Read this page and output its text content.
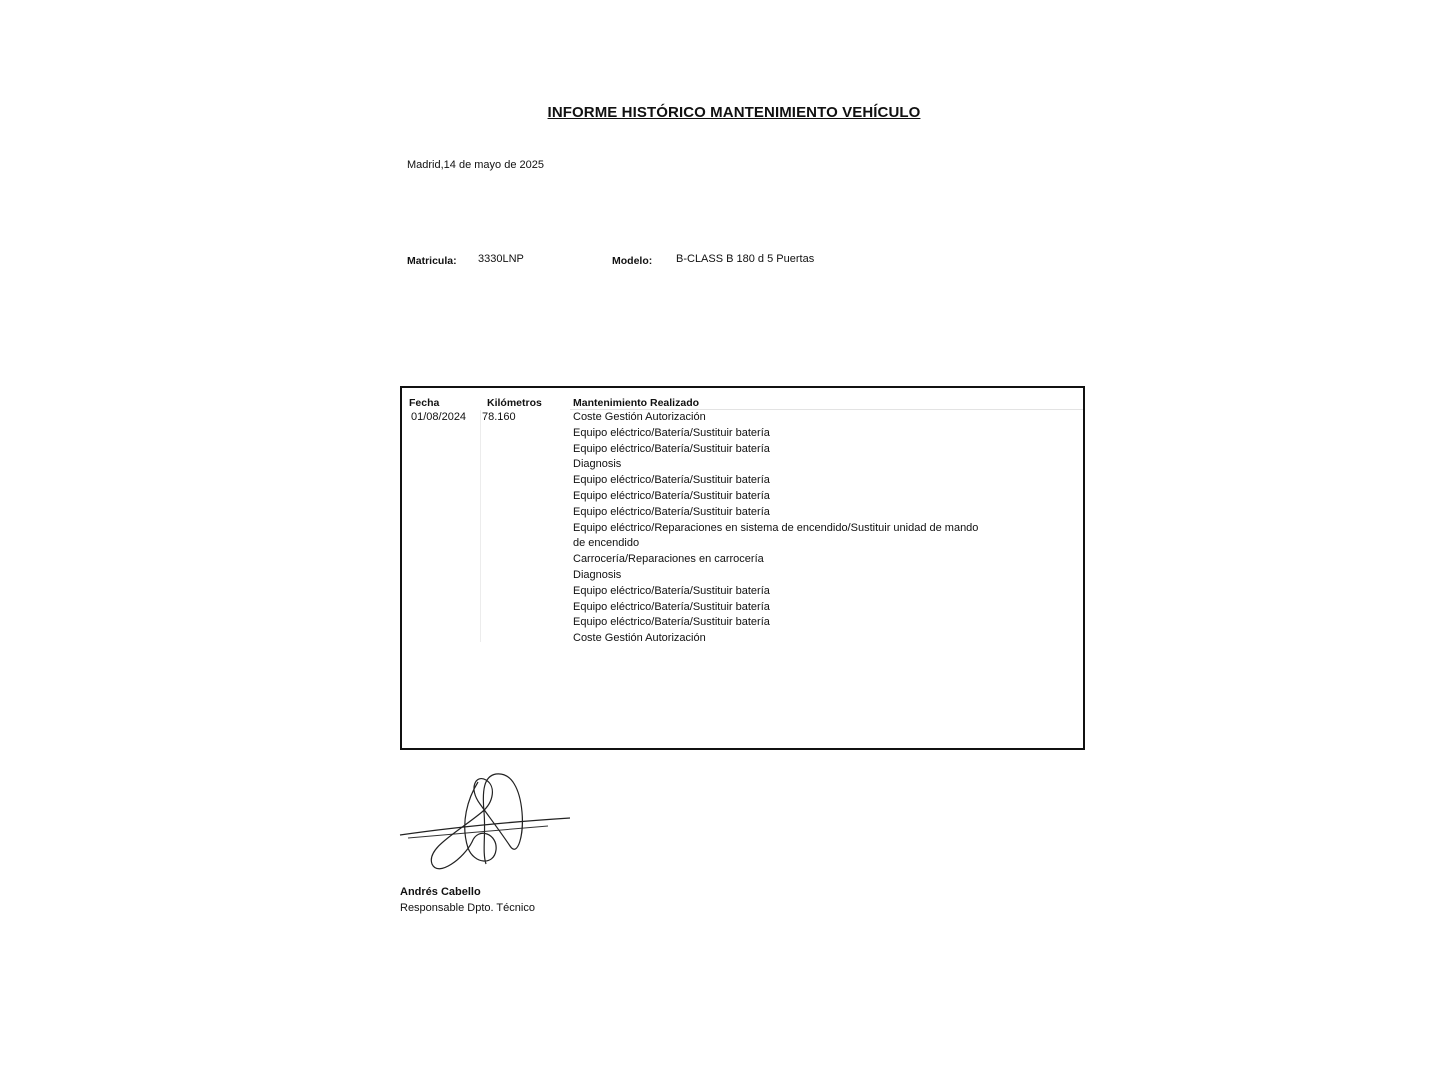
INFORME HISTÓRICO MANTENIMIENTO VEHÍCULO
Madrid,14 de mayo de 2025
Matricula: 3330LNP	Modelo: B-CLASS B 180 d 5 Puertas
Fecha	Kilómetros	Mantenimiento Realizado
01/08/2024 78.160	Coste Gestión Autorización
Equipo eléctrico/Batería/Sustituir batería
Equipo eléctrico/Batería/Sustituir batería
Diagnosis
Equipo eléctrico/Batería/Sustituir batería
Equipo eléctrico/Batería/Sustituir batería
Equipo eléctrico/Batería/Sustituir batería
Equipo eléctrico/Reparaciones en sistema de encendido/Sustituir unidad de mando de encendido
Carrocería/Reparaciones en carrocería
Diagnosis
Equipo eléctrico/Batería/Sustituir batería
Equipo eléctrico/Batería/Sustituir batería
Equipo eléctrico/Batería/Sustituir batería
Coste Gestión Autorización
Andrés Cabello
Responsable Dpto. Técnico
